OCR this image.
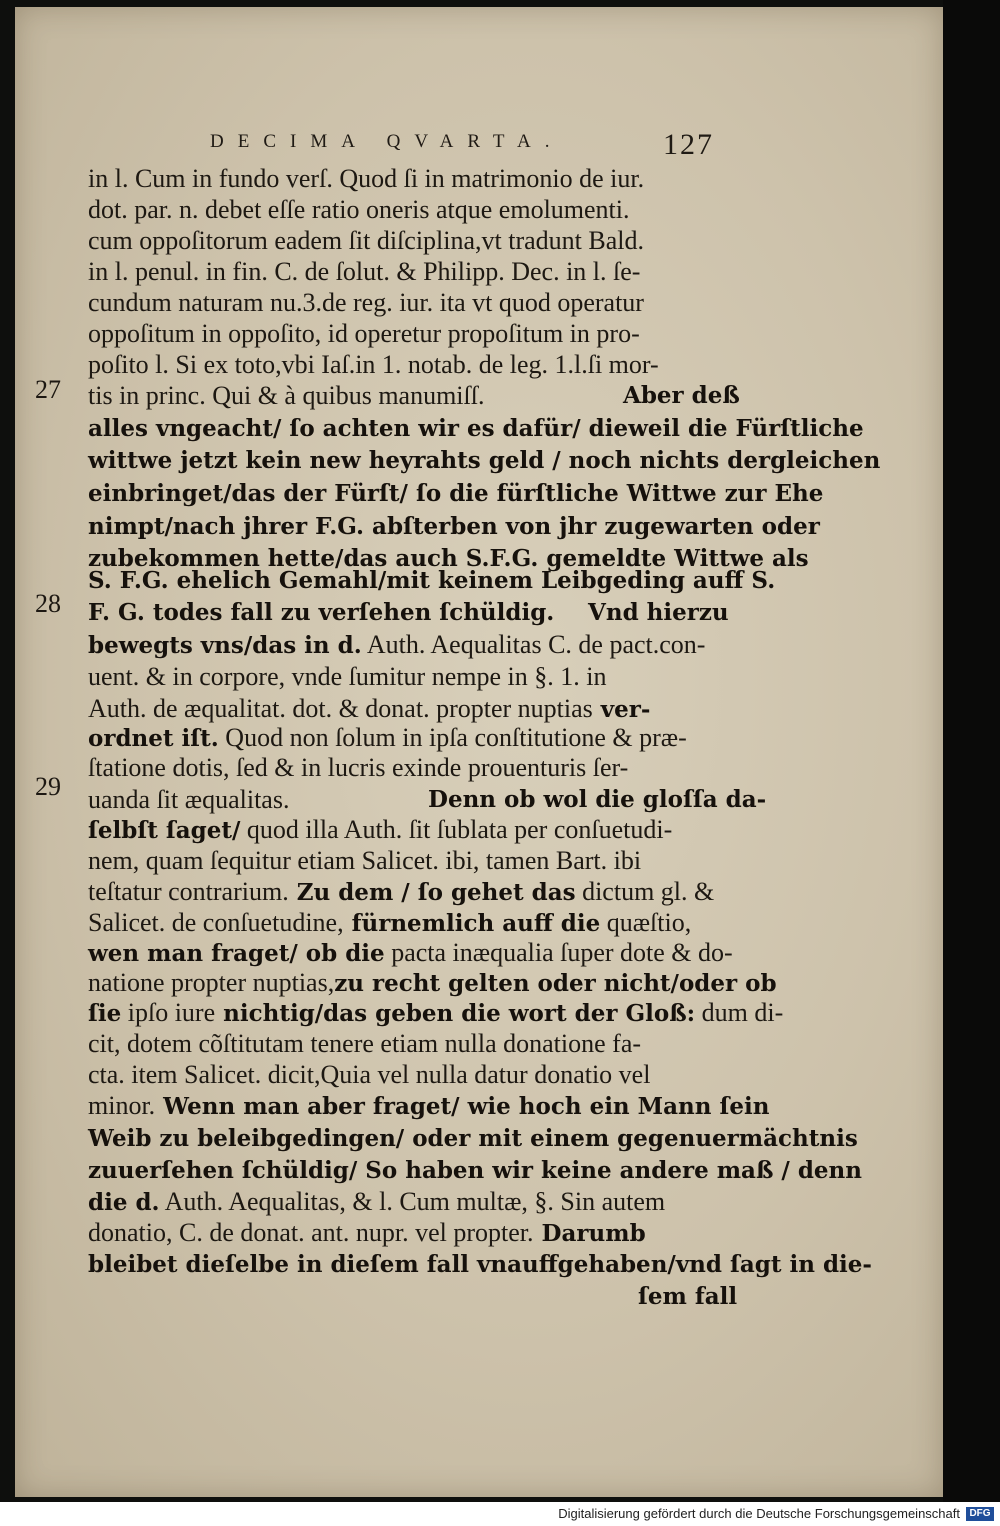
DECIMA QVARTA.	127
27
28
29
in l. Cum in fundo verſ. Quod ſi in matrimonio de iur.
dot. par. n. debet eſſe ratio oneris atque emolumenti.
cum oppoſitorum eadem ſit diſciplina,vt tradunt Bald.
in l. penul. in fin. C. de ſolut. & Philipp. Dec. in l. ſe-
cundum naturam nu.3.de reg. iur. ita vt quod operatur
oppoſitum in oppoſito, id operetur propoſitum in pro-
poſito l. Si ex toto,vbi Iaſ.in 1. notab. de leg. 1.l.ſi mor-
tis in princ. Qui & à quibus manumiſſ.	Aber deß
alles vngeacht/ ſo achten wir es dafür/ dieweil die Fürſtliche
wittwe jetzt kein new heyrahts geld / noch nichts dergleichen
einbringet/das der Fürſt/ ſo die fürſtliche Wittwe zur Ehe
nimpt/nach jhrer F.G. abſterben von jhr zugewarten oder
zubekommen hette/das auch S.F.G. gemeldte Wittwe als
S. F.G. ehelich Gemahl/mit keinem Leibgeding auff S.
F. G. todes fall zu verſehen ſchüldig. Vnd hierzu
bewegts vns/das in d. Auth. Aequalitas C. de pact.con-
uent. & in corpore, vnde ſumitur nempe in §. 1. in
Auth. de æqualitat. dot. & donat. propter nuptias ver-
ordnet iſt. Quod non ſolum in ipſa conſtitutione & præ-
ſtatione dotis, ſed & in lucris exinde prouenturis ſer-
uanda ſit æqualitas.	Denn ob wol die gloſſa da-
ſelbſt ſaget/ quod illa Auth. ſit ſublata per conſuetudi-
nem, quam ſequitur etiam Salicet. ibi, tamen Bart. ibi
teſtatur contrarium. Zu dem / ſo gehet das dictum gl. &
Salicet. de conſuetudine, fürnemlich auff die quæſtio,
wen man fraget/ ob die pacta inæqualia ſuper dote & do-
natione propter nuptias,zu recht gelten oder nicht/oder ob
ſie ipſo iure nichtig/das geben die wort der Gloß: dum di-
cit, dotem cõſtitutam tenere etiam nulla donatione fa-
cta. item Salicet. dicit,Quia vel nulla datur donatio vel
minor. Wenn man aber fraget/ wie hoch ein Mann ſein
Weib zu beleibgedingen/ oder mit einem gegenuermächtnis
zuuerſehen ſchüldig/ So haben wir keine andere maß / denn
die d. Auth. Aequalitas, & l. Cum multæ, §. Sin autem
donatio, C. de donat. ant. nupr. vel propter. Darumb
bleibet dieſelbe in dieſem fall vnauffgehaben/vnd ſagt in die-
ſem fall
Digitalisierung gefördert durch die Deutsche Forschungsgemeinschaft DFG
